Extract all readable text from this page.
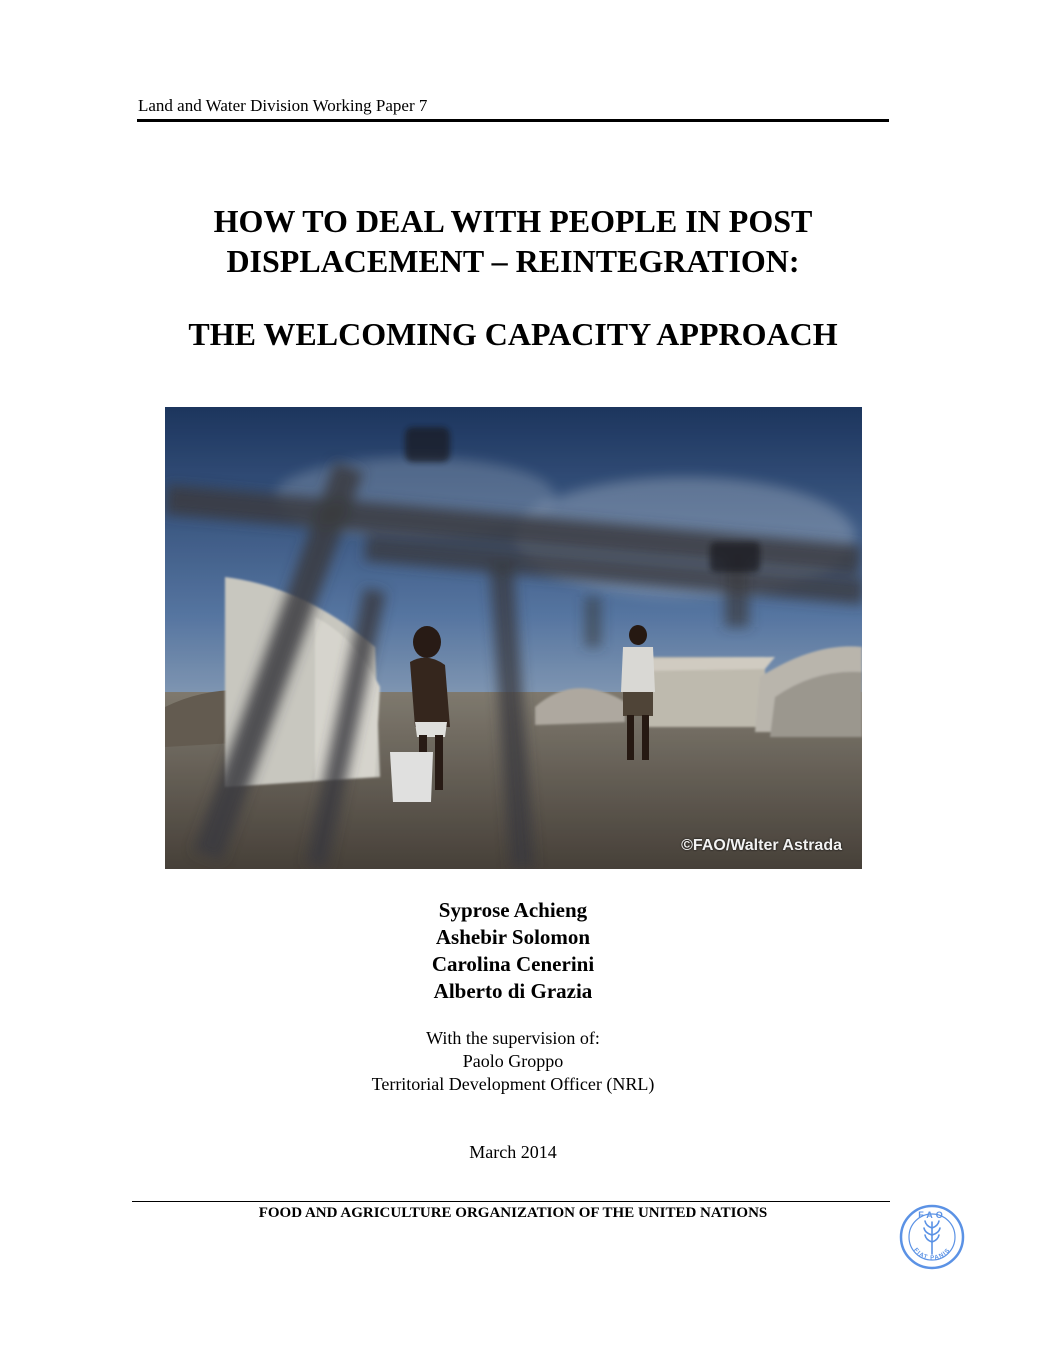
Land and Water Division Working Paper 7
HOW TO DEAL WITH PEOPLE IN POST
DISPLACEMENT – REINTEGRATION:
THE WELCOMING CAPACITY APPROACH
©FAO/Walter Astrada
Syprose Achieng
Ashebir Solomon
Carolina Cenerini
Alberto di Grazia
With the supervision of:
Paolo Groppo
Territorial Development Officer (NRL)
March 2014
FOOD AND AGRICULTURE ORGANIZATION OF THE UNITED NATIONS	FAO
FIAT PANIS
